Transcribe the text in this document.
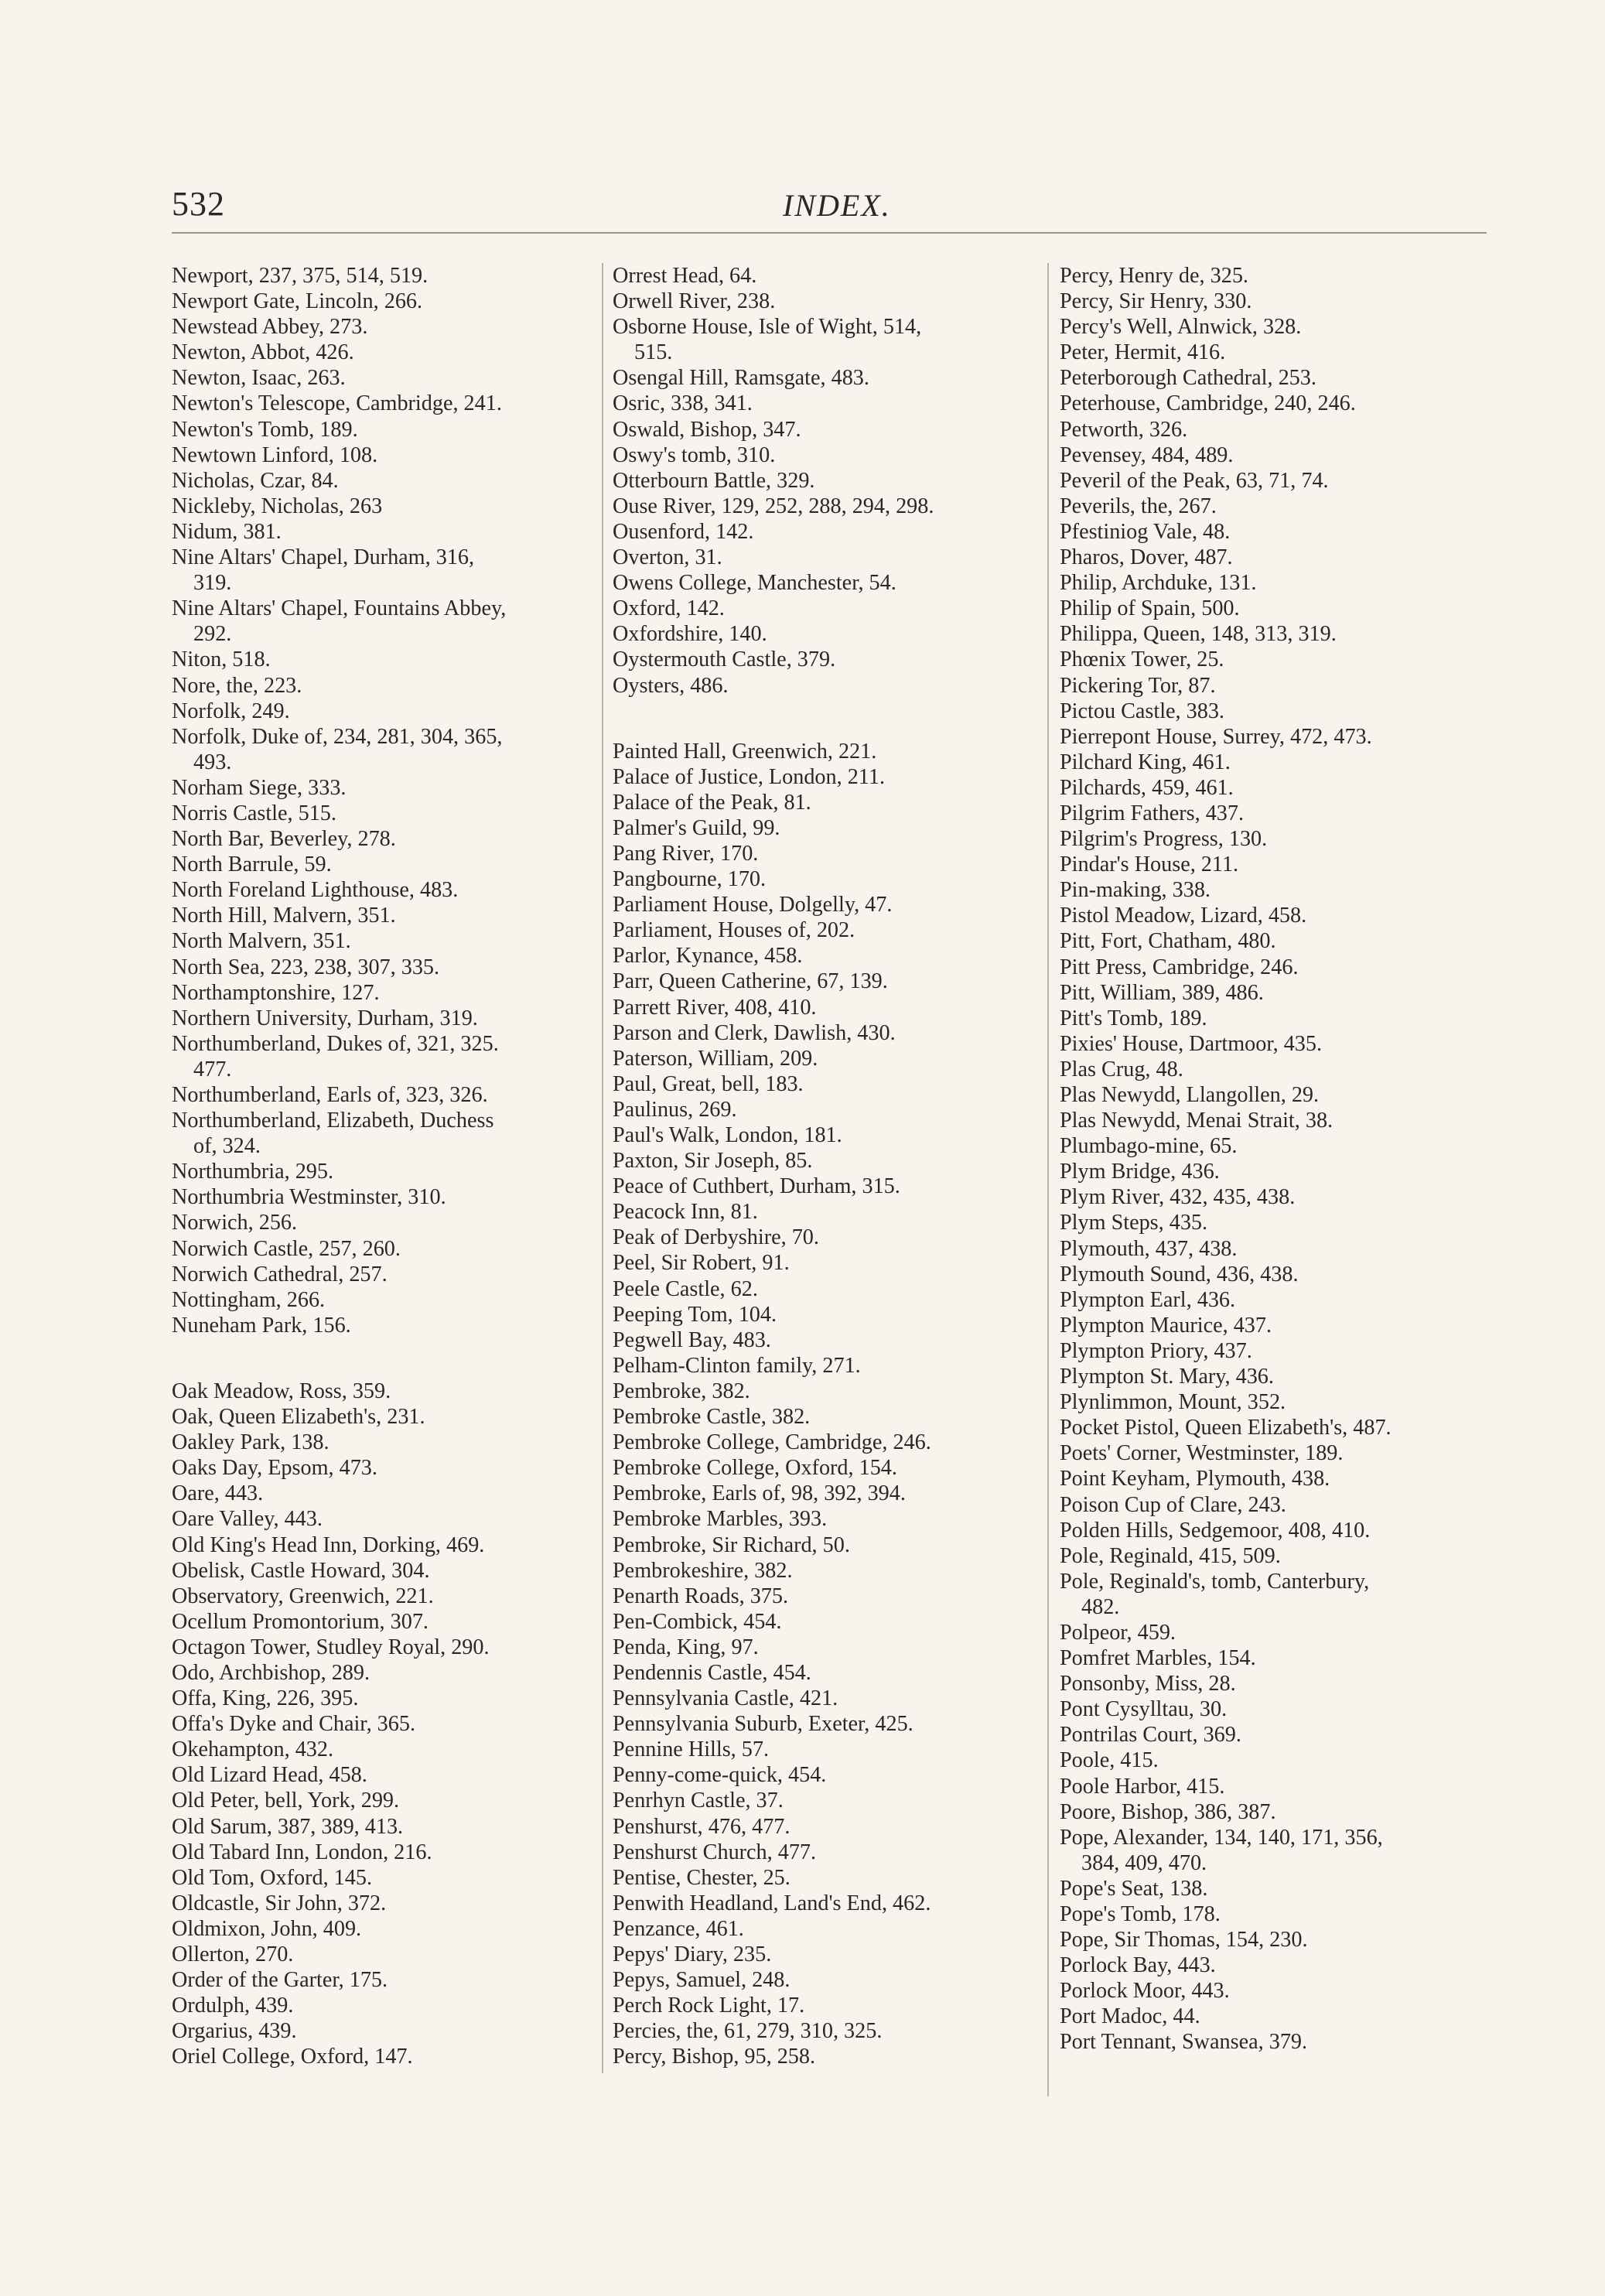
532	INDEX.
Newport, 237, 375, 514, 519.
Newport Gate, Lincoln, 266.
Newstead Abbey, 273.
Newton, Abbot, 426.
Newton, Isaac, 263.
Newton's Telescope, Cambridge, 241.
Newton's Tomb, 189.
Newtown Linford, 108.
Nicholas, Czar, 84.
Nickleby, Nicholas, 263
Nidum, 381.
Nine Altars' Chapel, Durham, 316,
319.
Nine Altars' Chapel, Fountains Abbey,
292.
Niton, 518.
Nore, the, 223.
Norfolk, 249.
Norfolk, Duke of, 234, 281, 304, 365,
493.
Norham Siege, 333.
Norris Castle, 515.
North Bar, Beverley, 278.
North Barrule, 59.
North Foreland Lighthouse, 483.
North Hill, Malvern, 351.
North Malvern, 351.
North Sea, 223, 238, 307, 335.
Northamptonshire, 127.
Northern University, Durham, 319.
Northumberland, Dukes of, 321, 325.
477.
Northumberland, Earls of, 323, 326.
Northumberland, Elizabeth, Duchess
of, 324.
Northumbria, 295.
Northumbria Westminster, 310.
Norwich, 256.
Norwich Castle, 257, 260.
Norwich Cathedral, 257.
Nottingham, 266.
Nuneham Park, 156.
Oak Meadow, Ross, 359.
Oak, Queen Elizabeth's, 231.
Oakley Park, 138.
Oaks Day, Epsom, 473.
Oare, 443.
Oare Valley, 443.
Old King's Head Inn, Dorking, 469.
Obelisk, Castle Howard, 304.
Observatory, Greenwich, 221.
Ocellum Promontorium, 307.
Octagon Tower, Studley Royal, 290.
Odo, Archbishop, 289.
Offa, King, 226, 395.
Offa's Dyke and Chair, 365.
Okehampton, 432.
Old Lizard Head, 458.
Old Peter, bell, York, 299.
Old Sarum, 387, 389, 413.
Old Tabard Inn, London, 216.
Old Tom, Oxford, 145.
Oldcastle, Sir John, 372.
Oldmixon, John, 409.
Ollerton, 270.
Order of the Garter, 175.
Ordulph, 439.
Orgarius, 439.
Oriel College, Oxford, 147.
Orrest Head, 64.
Orwell River, 238.
Osborne House, Isle of Wight, 514,
515.
Osengal Hill, Ramsgate, 483.
Osric, 338, 341.
Oswald, Bishop, 347.
Oswy's tomb, 310.
Otterbourn Battle, 329.
Ouse River, 129, 252, 288, 294, 298.
Ousenford, 142.
Overton, 31.
Owens College, Manchester, 54.
Oxford, 142.
Oxfordshire, 140.
Oystermouth Castle, 379.
Oysters, 486.
Painted Hall, Greenwich, 221.
Palace of Justice, London, 211.
Palace of the Peak, 81.
Palmer's Guild, 99.
Pang River, 170.
Pangbourne, 170.
Parliament House, Dolgelly, 47.
Parliament, Houses of, 202.
Parlor, Kynance, 458.
Parr, Queen Catherine, 67, 139.
Parrett River, 408, 410.
Parson and Clerk, Dawlish, 430.
Paterson, William, 209.
Paul, Great, bell, 183.
Paulinus, 269.
Paul's Walk, London, 181.
Paxton, Sir Joseph, 85.
Peace of Cuthbert, Durham, 315.
Peacock Inn, 81.
Peak of Derbyshire, 70.
Peel, Sir Robert, 91.
Peele Castle, 62.
Peeping Tom, 104.
Pegwell Bay, 483.
Pelham-Clinton family, 271.
Pembroke, 382.
Pembroke Castle, 382.
Pembroke College, Cambridge, 246.
Pembroke College, Oxford, 154.
Pembroke, Earls of, 98, 392, 394.
Pembroke Marbles, 393.
Pembroke, Sir Richard, 50.
Pembrokeshire, 382.
Penarth Roads, 375.
Pen-Combick, 454.
Penda, King, 97.
Pendennis Castle, 454.
Pennsylvania Castle, 421.
Pennsylvania Suburb, Exeter, 425.
Pennine Hills, 57.
Penny-come-quick, 454.
Penrhyn Castle, 37.
Penshurst, 476, 477.
Penshurst Church, 477.
Pentise, Chester, 25.
Penwith Headland, Land's End, 462.
Penzance, 461.
Pepys' Diary, 235.
Pepys, Samuel, 248.
Perch Rock Light, 17.
Percies, the, 61, 279, 310, 325.
Percy, Bishop, 95, 258.
Percy, Henry de, 325.
Percy, Sir Henry, 330.
Percy's Well, Alnwick, 328.
Peter, Hermit, 416.
Peterborough Cathedral, 253.
Peterhouse, Cambridge, 240, 246.
Petworth, 326.
Pevensey, 484, 489.
Peveril of the Peak, 63, 71, 74.
Peverils, the, 267.
Pfestiniog Vale, 48.
Pharos, Dover, 487.
Philip, Archduke, 131.
Philip of Spain, 500.
Philippa, Queen, 148, 313, 319.
Phœnix Tower, 25.
Pickering Tor, 87.
Pictou Castle, 383.
Pierrepont House, Surrey, 472, 473.
Pilchard King, 461.
Pilchards, 459, 461.
Pilgrim Fathers, 437.
Pilgrim's Progress, 130.
Pindar's House, 211.
Pin-making, 338.
Pistol Meadow, Lizard, 458.
Pitt, Fort, Chatham, 480.
Pitt Press, Cambridge, 246.
Pitt, William, 389, 486.
Pitt's Tomb, 189.
Pixies' House, Dartmoor, 435.
Plas Crug, 48.
Plas Newydd, Llangollen, 29.
Plas Newydd, Menai Strait, 38.
Plumbago-mine, 65.
Plym Bridge, 436.
Plym River, 432, 435, 438.
Plym Steps, 435.
Plymouth, 437, 438.
Plymouth Sound, 436, 438.
Plympton Earl, 436.
Plympton Maurice, 437.
Plympton Priory, 437.
Plympton St. Mary, 436.
Plynlimmon, Mount, 352.
Pocket Pistol, Queen Elizabeth's, 487.
Poets' Corner, Westminster, 189.
Point Keyham, Plymouth, 438.
Poison Cup of Clare, 243.
Polden Hills, Sedgemoor, 408, 410.
Pole, Reginald, 415, 509.
Pole, Reginald's, tomb, Canterbury,
482.
Polpeor, 459.
Pomfret Marbles, 154.
Ponsonby, Miss, 28.
Pont Cysylltau, 30.
Pontrilas Court, 369.
Poole, 415.
Poole Harbor, 415.
Poore, Bishop, 386, 387.
Pope, Alexander, 134, 140, 171, 356,
384, 409, 470.
Pope's Seat, 138.
Pope's Tomb, 178.
Pope, Sir Thomas, 154, 230.
Porlock Bay, 443.
Porlock Moor, 443.
Port Madoc, 44.
Port Tennant, Swansea, 379.
